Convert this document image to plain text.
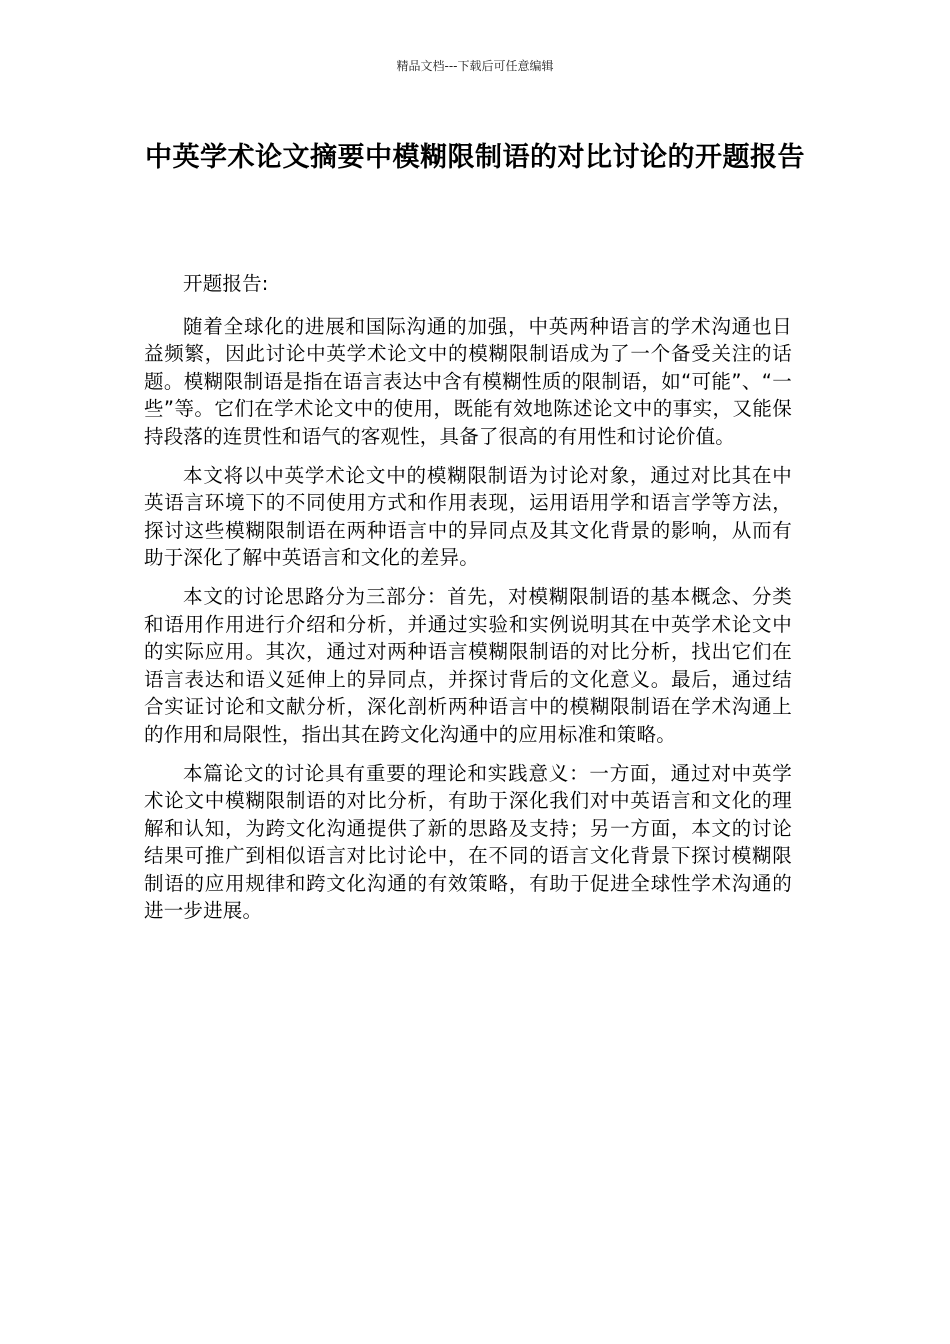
精品文档---下载后可任意编辑
中英学术论文摘要中模糊限制语的对比讨论的开题报告

开题报告:

随着全球化的进展和国际沟通的加强，中英两种语言的学术沟通也日益频繁，因此讨论中英学术论文中的模糊限制语成为了一个备受关注的话题。模糊限制语是指在语言表达中含有模糊性质的限制语，如“可能”、“一些”等。它们在学术论文中的使用，既能有效地陈述论文中的事实，又能保持段落的连贯性和语气的客观性，具备了很高的有用性和讨论价值。

本文将以中英学术论文中的模糊限制语为讨论对象，通过对比其在中英语言环境下的不同使用方式和作用表现，运用语用学和语言学等方法，探讨这些模糊限制语在两种语言中的异同点及其文化背景的影响，从而有助于深化了解中英语言和文化的差异。

本文的讨论思路分为三部分：首先，对模糊限制语的基本概念、分类和语用作用进行介绍和分析，并通过实验和实例说明其在中英学术论文中的实际应用。其次，通过对两种语言模糊限制语的对比分析，找出它们在语言表达和语义延伸上的异同点，并探讨背后的文化意义。最后，通过结合实证讨论和文献分析，深化剖析两种语言中的模糊限制语在学术沟通上的作用和局限性，指出其在跨文化沟通中的应用标准和策略。

本篇论文的讨论具有重要的理论和实践意义：一方面，通过对中英学术论文中模糊限制语的对比分析，有助于深化我们对中英语言和文化的理解和认知，为跨文化沟通提供了新的思路及支持；另一方面，本文的讨论结果可推广到相似语言对比讨论中，在不同的语言文化背景下探讨模糊限制语的应用规律和跨文化沟通的有效策略，有助于促进全球性学术沟通的进一步进展。
